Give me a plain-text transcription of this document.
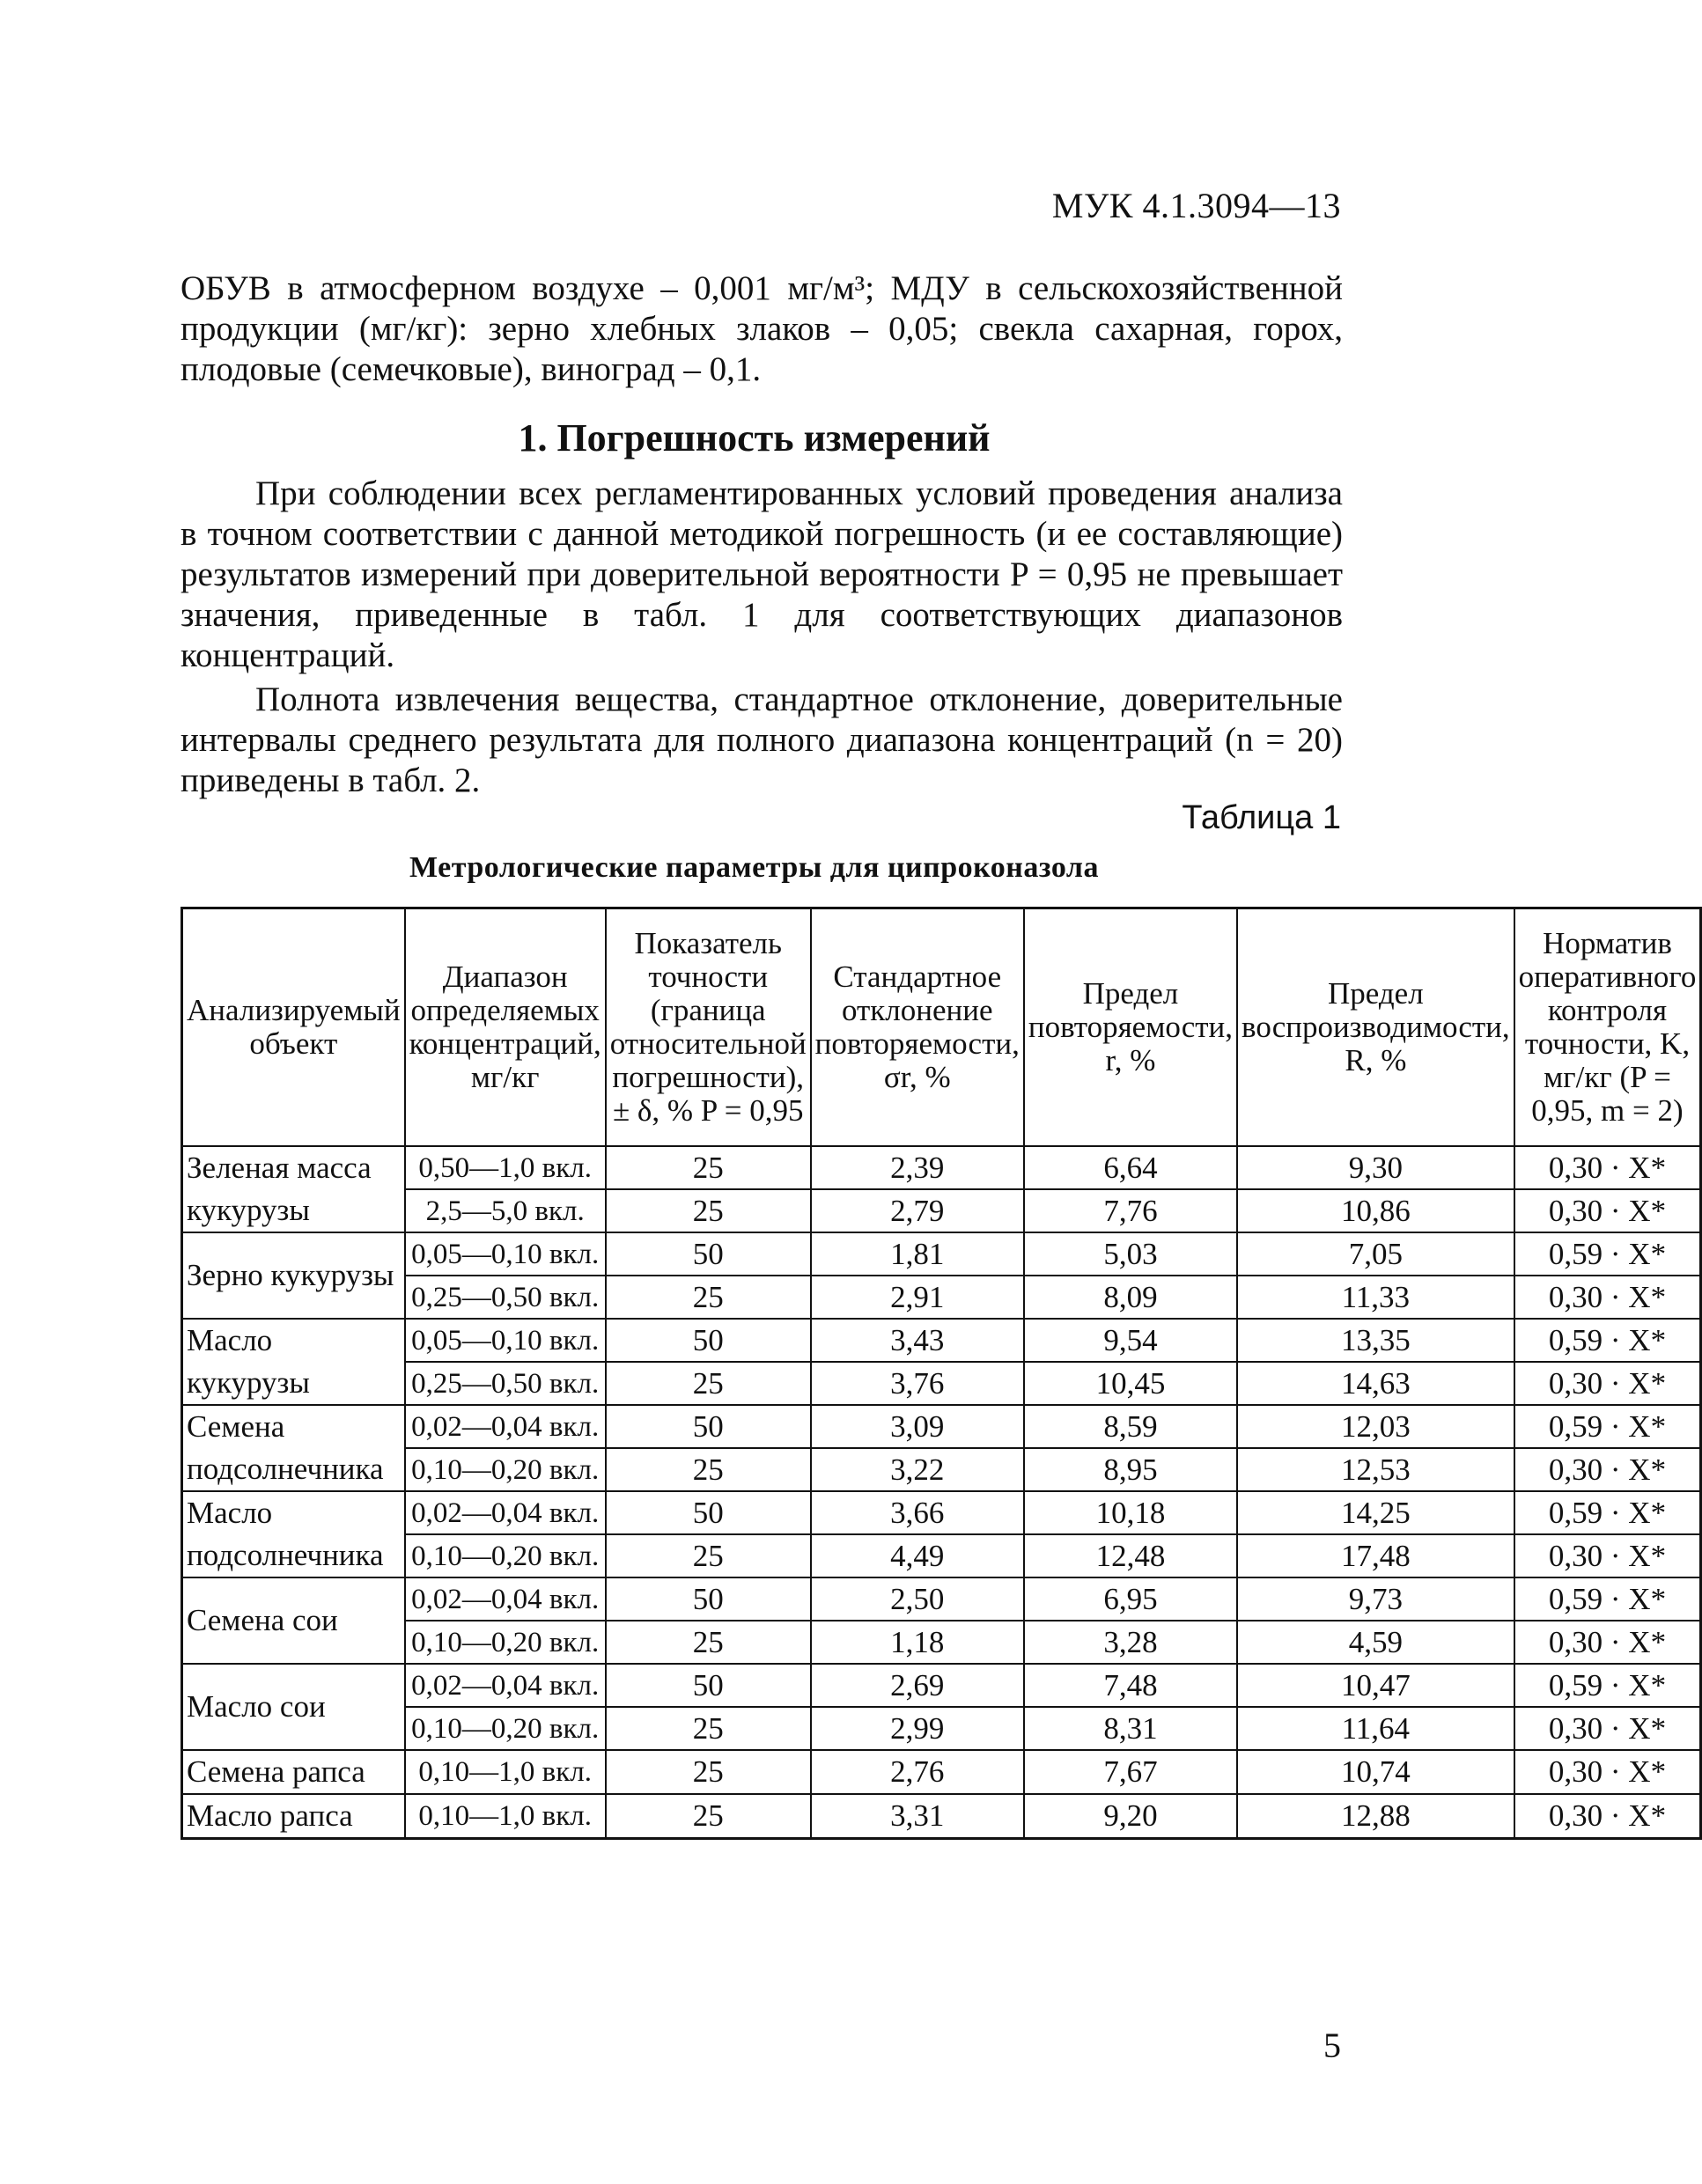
МУК 4.1.3094—13
ОБУВ в атмосферном воздухе – 0,001 мг/м³; МДУ в сельскохозяйственной продукции (мг/кг): зерно хлебных злаков – 0,05; свекла сахарная, горох, плодовые (семечковые), виноград – 0,1.
1. Погрешность измерений
При соблюдении всех регламентированных условий проведения анализа в точном соответствии с данной методикой погрешность (и ее составляющие) результатов измерений при доверительной вероятности P = 0,95 не превышает значения, приведенные в табл. 1 для соответствующих диапазонов концентраций.
Полнота извлечения вещества, стандартное отклонение, доверительные интервалы среднего результата для полного диапазона концентраций (n = 20) приведены в табл. 2.
Таблица 1
Метрологические параметры для ципроконазола
Анализируемый объект	Диапазон определяемых концентраций, мг/кг	Показатель точности (граница относительной погрешности), ± δ, % P = 0,95	Стандартное отклонение повторяемости, σr, %	Предел повторяемости, r, %	Предел воспроизводимости, R, %	Норматив оперативного контроля точности, K, мг/кг (P = 0,95, m = 2)
Зеленая масса кукурузы	0,50—1,0 вкл.	25	2,39	6,64	9,30	0,30 · X*
	2,5—5,0 вкл.	25	2,79	7,76	10,86	0,30 · X*
Зерно кукурузы	0,05—0,10 вкл.	50	1,81	5,03	7,05	0,59 · X*
	0,25—0,50 вкл.	25	2,91	8,09	11,33	0,30 · X*
Масло кукурузы	0,05—0,10 вкл.	50	3,43	9,54	13,35	0,59 · X*
	0,25—0,50 вкл.	25	3,76	10,45	14,63	0,30 · X*
Семена подсолнечника	0,02—0,04 вкл.	50	3,09	8,59	12,03	0,59 · X*
	0,10—0,20 вкл.	25	3,22	8,95	12,53	0,30 · X*
Масло подсолнечника	0,02—0,04 вкл.	50	3,66	10,18	14,25	0,59 · X*
	0,10—0,20 вкл.	25	4,49	12,48	17,48	0,30 · X*
Семена сои	0,02—0,04 вкл.	50	2,50	6,95	9,73	0,59 · X*
	0,10—0,20 вкл.	25	1,18	3,28	4,59	0,30 · X*
Масло сои	0,02—0,04 вкл.	50	2,69	7,48	10,47	0,59 · X*
	0,10—0,20 вкл.	25	2,99	8,31	11,64	0,30 · X*
Семена рапса	0,10—1,0 вкл.	25	2,76	7,67	10,74	0,30 · X*
Масло рапса	0,10—1,0 вкл.	25	3,31	9,20	12,88	0,30 · X*
5
